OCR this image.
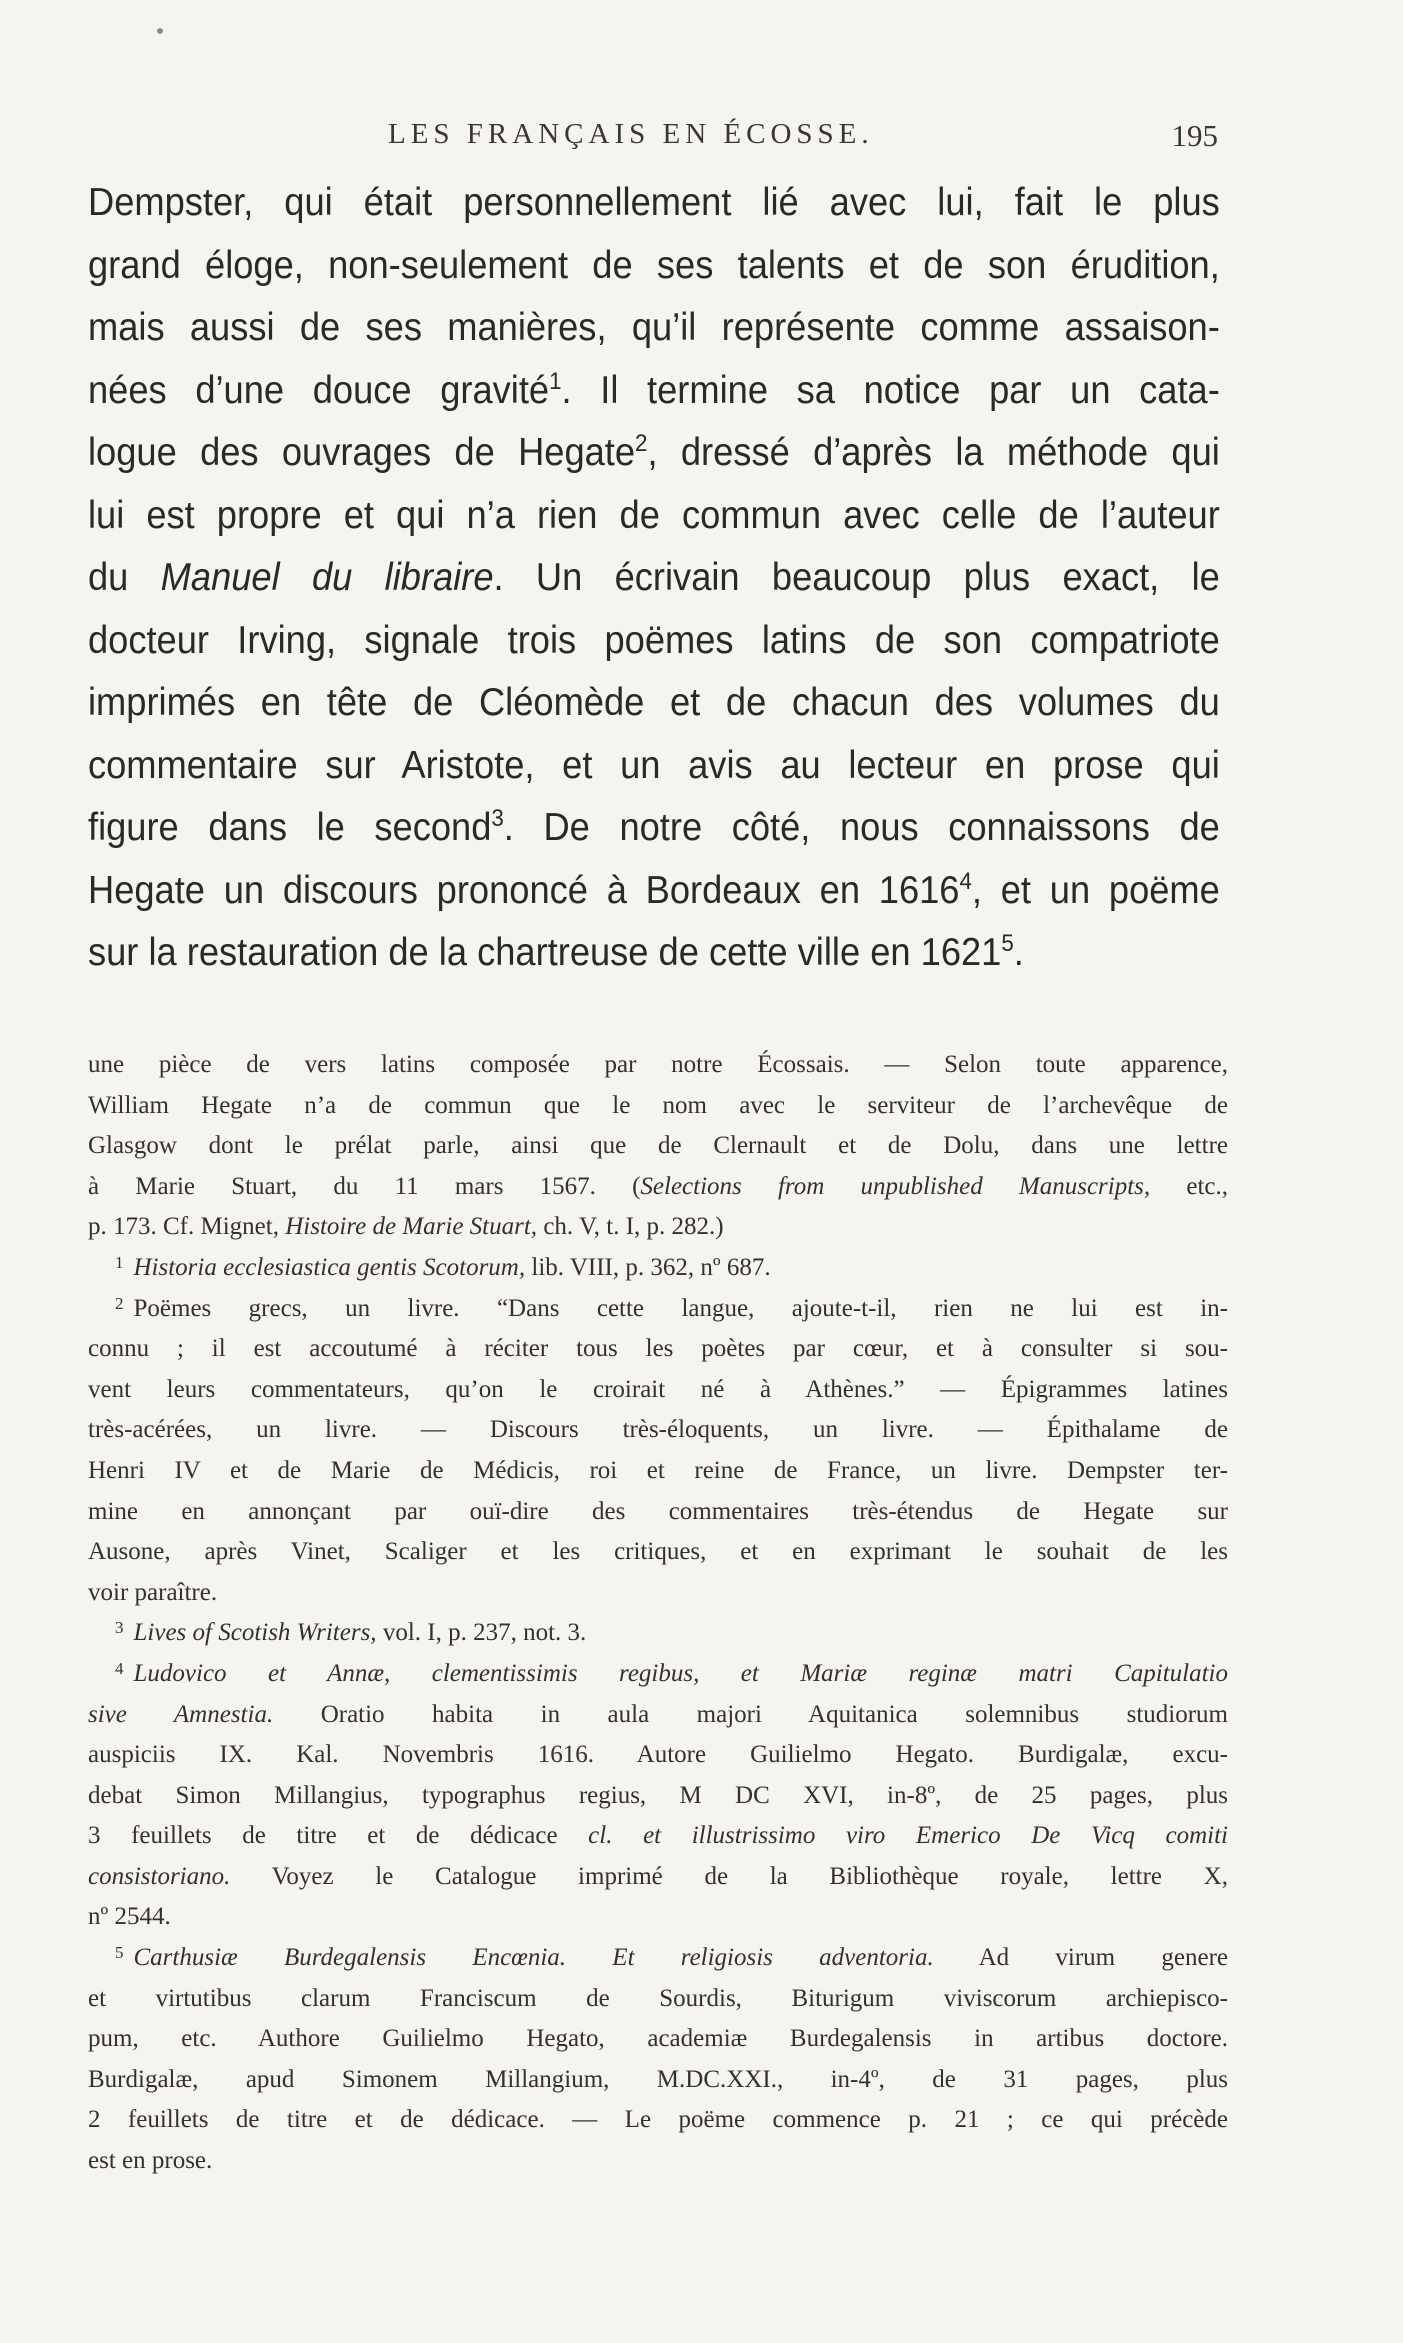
LES FRANÇAIS EN ÉCOSSE.	195
Dempster, qui était personnellement lié avec lui, fait le plus
grand éloge, non-seulement de ses talents et de son érudition,
mais aussi de ses manières, qu’il représente comme assaison-
nées d’une douce gravité$^1$. Il termine sa notice par un cata-
logue des ouvrages de Hegate$^2$, dressé d’après la méthode qui
lui est propre et qui n’a rien de commun avec celle de l’auteur
du Manuel du libraire. Un écrivain beaucoup plus exact, le
docteur Irving, signale trois poëmes latins de son compatriote
imprimés en tête de Cléomède et de chacun des volumes du
commentaire sur Aristote, et un avis au lecteur en prose qui
figure dans le second$^3$. De notre côté, nous connaissons de
Hegate un discours prononcé à Bordeaux en 1616$^4$, et un poëme
sur la restauration de la chartreuse de cette ville en 1621$^5$.
une pièce de vers latins composée par notre Écossais. — Selon toute apparence,
William Hegate n’a de commun que le nom avec le serviteur de l’archevêque de
Glasgow dont le prélat parle, ainsi que de Clernault et de Dolu, dans une lettre
à Marie Stuart, du 11 mars 1567. (Selections from unpublished Manuscripts, etc.,
p. 173. Cf. Mignet, Histoire de Marie Stuart, ch. V, t. I, p. 282.)
$^1$ Historia ecclesiastica gentis Scotorum, lib. VIII, p. 362, nº 687.
$^2$ Poëmes grecs, un livre. “Dans cette langue, ajoute-t-il, rien ne lui est in-
connu ; il est accoutumé à réciter tous les poètes par cœur, et à consulter si sou-
vent leurs commentateurs, qu’on le croirait né à Athènes.” — Épigrammes latines
très-acérées, un livre. — Discours très-éloquents, un livre. — Épithalame de
Henri IV et de Marie de Médicis, roi et reine de France, un livre. Dempster ter-
mine en annonçant par ouï-dire des commentaires très-étendus de Hegate sur
Ausone, après Vinet, Scaliger et les critiques, et en exprimant le souhait de les
voir paraître.
$^3$ Lives of Scotish Writers, vol. I, p. 237, not. 3.
$^4$ Ludovico et Annæ, clementissimis regibus, et Mariæ reginæ matri Capitulatio
sive Amnestia. Oratio habita in aula majori Aquitanica solemnibus studiorum
auspiciis IX. Kal. Novembris 1616. Autore Guilielmo Hegato. Burdigalæ, excu-
debat Simon Millangius, typographus regius, M DC XVI, in-8º, de 25 pages, plus
3 feuillets de titre et de dédicace cl. et illustrissimo viro Emerico De Vicq comiti
consistoriano. Voyez le Catalogue imprimé de la Bibliothèque royale, lettre X,
nº 2544.
$^5$ Carthusiæ Burdegalensis Encœnia. Et religiosis adventoria. Ad virum genere
et virtutibus clarum Franciscum de Sourdis, Biturigum viviscorum archiepisco-
pum, etc. Authore Guilielmo Hegato, academiæ Burdegalensis in artibus doctore.
Burdigalæ, apud Simonem Millangium, M.DC.XXI., in-4º, de 31 pages, plus
2 feuillets de titre et de dédicace. — Le poëme commence p. 21 ; ce qui précède
est en prose.
